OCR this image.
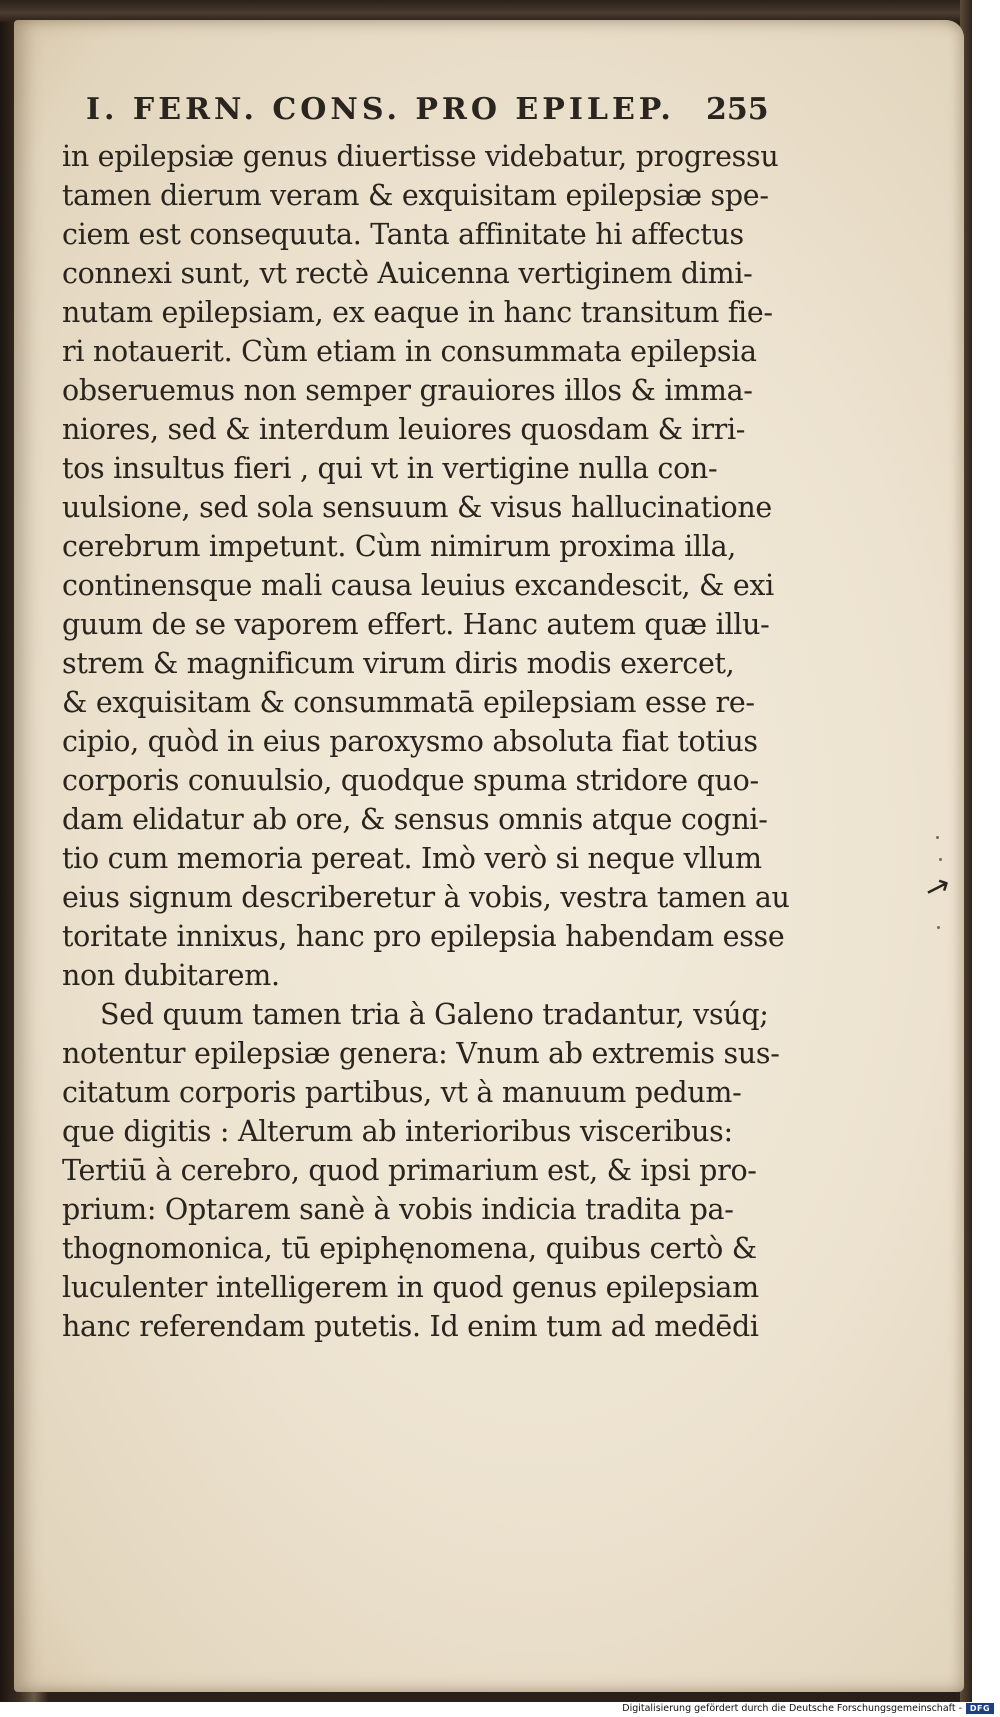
I. FERN. CONS. PRO EPILEP.	255
in epilepsiæ genus diuertisse videbatur, progressu
tamen dierum veram & exquisitam epilepsiæ spe-
ciem est consequuta. Tanta affinitate hi affectus
connexi sunt, vt rectè Auicenna vertiginem dimi-
nutam epilepsiam, ex eaque in hanc transitum fie-
ri notauerit. Cùm etiam in consummata epilepsia
obseruemus non semper grauiores illos & imma-
niores, sed & interdum leuiores quosdam & irri-
tos insultus fieri , qui vt in vertigine nulla con-
uulsione, sed sola sensuum & visus hallucinatione
cerebrum impetunt. Cùm nimirum proxima illa,
continensque mali causa leuius excandescit, & exi
guum de se vaporem effert. Hanc autem quæ illu-
strem & magnificum virum diris modis exercet,
& exquisitam & consummatā epilepsiam esse re-
cipio, quòd in eius paroxysmo absoluta fiat totius
corporis conuulsio, quodque spuma stridore quo-
dam elidatur ab ore, & sensus omnis atque cogni-
tio cum memoria pereat. Imò verò si neque vllum
eius signum describeretur à vobis, vestra tamen au
toritate innixus, hanc pro epilepsia habendam esse
non dubitarem.
Sed quum tamen tria à Galeno tradantur, vsúq;
notentur epilepsiæ genera: Vnum ab extremis sus-
citatum corporis partibus, vt à manuum pedum-
que digitis : Alterum ab interioribus visceribus:
Tertiū à cerebro, quod primarium est, & ipsi pro-
prium: Optarem sanè à vobis indicia tradita pa-
thognomonica, tū epiphęnomena, quibus certò &
luculenter intelligerem in quod genus epilepsiam
hanc referendam putetis. Id enim tum ad medēdi
↗
Digitalisierung gefördert durch die Deutsche Forschungsgemeinschaft - DFG
